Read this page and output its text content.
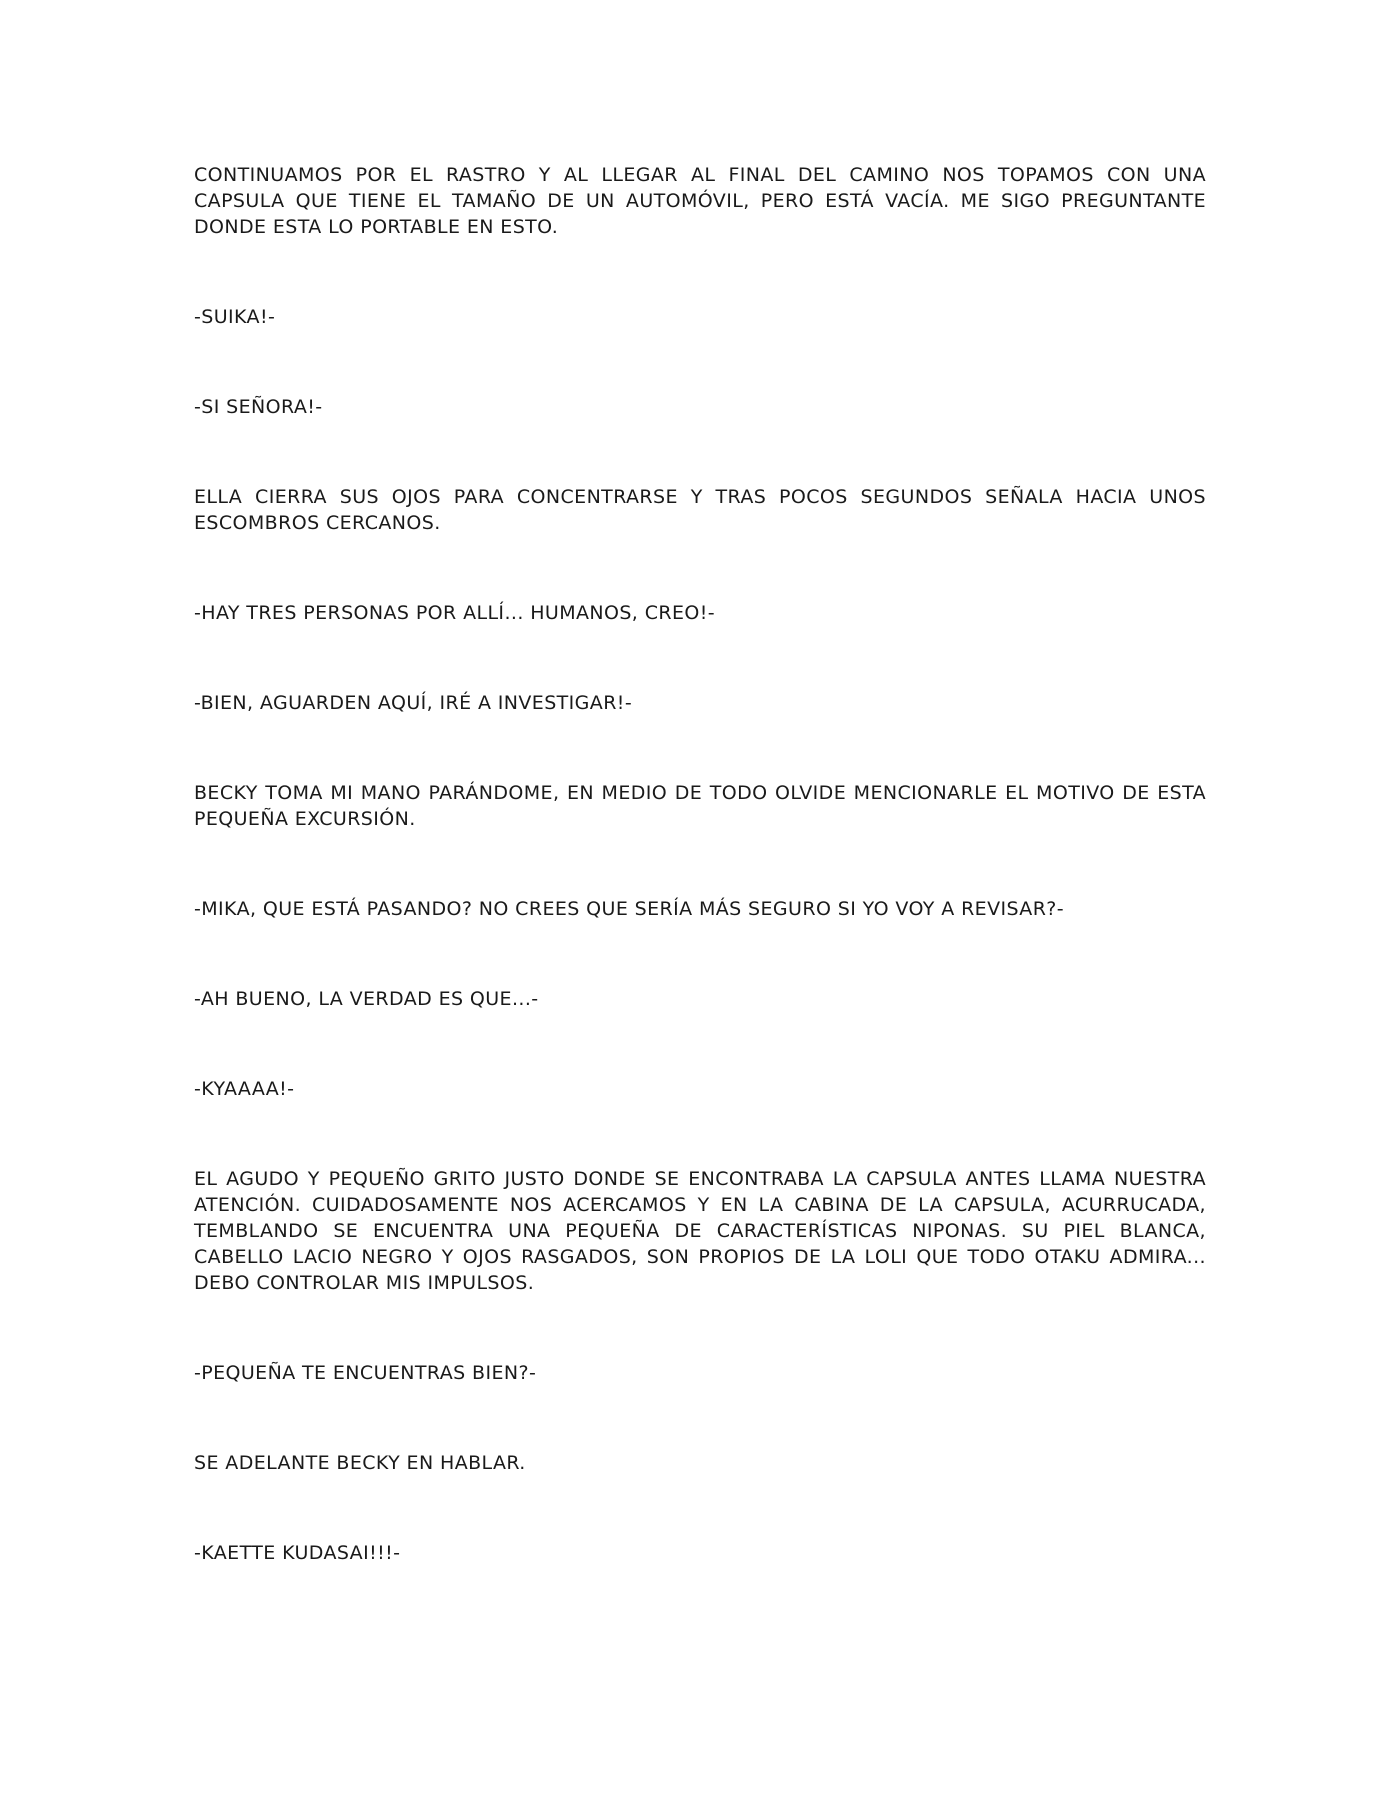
CONTINUAMOS POR EL RASTRO Y AL LLEGAR AL FINAL DEL CAMINO NOS TOPAMOS CON UNA CAPSULA QUE TIENE EL TAMAÑO DE UN AUTOMÓVIL, PERO ESTÁ VACÍA. ME SIGO PREGUNTANTE DONDE ESTA LO PORTABLE EN ESTO.

-SUIKA!-

-SI SEÑORA!-

ELLA CIERRA SUS OJOS PARA CONCENTRARSE Y TRAS POCOS SEGUNDOS SEÑALA HACIA UNOS ESCOMBROS CERCANOS.

-HAY TRES PERSONAS POR ALLÍ... HUMANOS, CREO!-

-BIEN, AGUARDEN AQUÍ, IRÉ A INVESTIGAR!-

BECKY TOMA MI MANO PARÁNDOME, EN MEDIO DE TODO OLVIDE MENCIONARLE EL MOTIVO DE ESTA PEQUEÑA EXCURSIÓN.

-MIKA, QUE ESTÁ PASANDO? NO CREES QUE SERÍA MÁS SEGURO SI YO VOY A REVISAR?-

-AH BUENO, LA VERDAD ES QUE...-

-KYAAAA!-

EL AGUDO Y PEQUEÑO GRITO JUSTO DONDE SE ENCONTRABA LA CAPSULA ANTES LLAMA NUESTRA ATENCIÓN. CUIDADOSAMENTE NOS ACERCAMOS Y EN LA CABINA DE LA CAPSULA, ACURRUCADA, TEMBLANDO SE ENCUENTRA UNA PEQUEÑA DE CARACTERÍSTICAS NIPONAS. SU PIEL BLANCA, CABELLO LACIO NEGRO Y OJOS RASGADOS, SON PROPIOS DE LA LOLI QUE TODO OTAKU ADMIRA... DEBO CONTROLAR MIS IMPULSOS.

-PEQUEÑA TE ENCUENTRAS BIEN?-

SE ADELANTE BECKY EN HABLAR.

-KAETTE KUDASAI!!!-
